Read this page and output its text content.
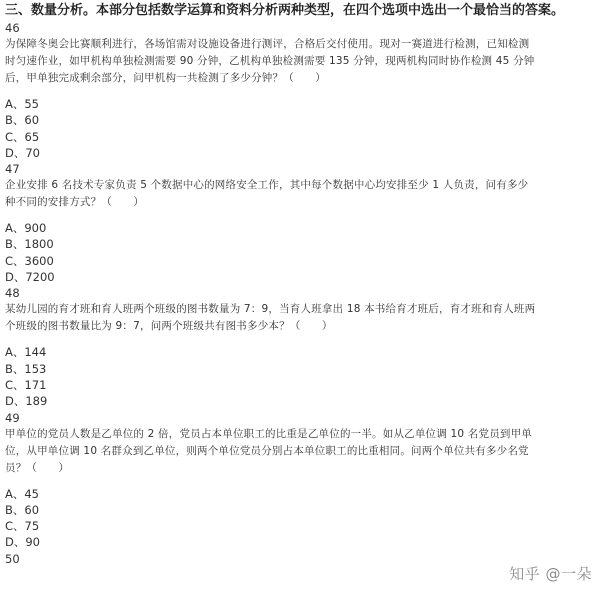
三、数量分析。本部分包括数学运算和资料分析两种类型，在四个选项中选出一个最恰当的答案。
46
为保障冬奥会比赛顺利进行，各场馆需对设施设备进行测评，合格后交付使用。现对一赛道进行检测，已知检测
时匀速作业，如甲机构单独检测需要 90 分钟，乙机构单独检测需要 135 分钟，现两机构同时协作检测 45 分钟
后，甲单独完成剩余部分，问甲机构一共检测了多少分钟？（　　）
A、55
B、60
C、65
D、70
47
企业安排 6 名技术专家负责 5 个数据中心的网络安全工作，其中每个数据中心均安排至少 1 人负责，问有多少
种不同的安排方式？（　　）
A、900
B、1800
C、3600
D、7200
48
某幼儿园的育才班和育人班两个班级的图书数量为 7：9，当育人班拿出 18 本书给育才班后，育才班和育人班两
个班级的图书数量比为 9：7，问两个班级共有图书多少本？（　　）
A、144
B、153
C、171
D、189
49
甲单位的党员人数是乙单位的 2 倍，党员占本单位职工的比重是乙单位的一半。如从乙单位调 10 名党员到甲单
位，从甲单位调 10 名群众到乙单位，则两个单位党员分别占本单位职工的比重相同。问两个单位共有多少名党
员？（　　）
A、45
B、60
C、75
D、90
50
知乎 @一朵
